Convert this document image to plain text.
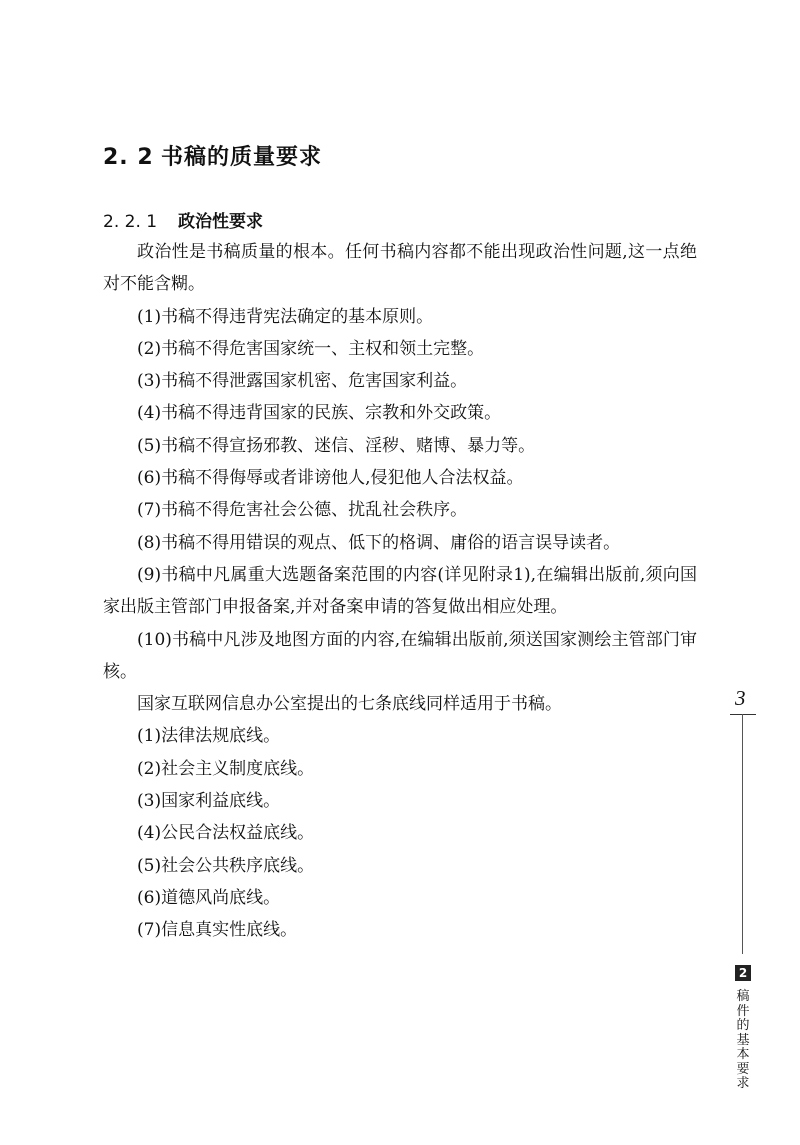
2. 2 书稿的质量要求
2. 2. 1 政治性要求

政治性是书稿质量的根本。任何书稿内容都不能出现政治性问题,这一点绝对不能含糊。

(1)书稿不得违背宪法确定的基本原则。

(2)书稿不得危害国家统一、主权和领土完整。

(3)书稿不得泄露国家机密、危害国家利益。

(4)书稿不得违背国家的民族、宗教和外交政策。

(5)书稿不得宣扬邪教、迷信、淫秽、赌博、暴力等。

(6)书稿不得侮辱或者诽谤他人,侵犯他人合法权益。

(7)书稿不得危害社会公德、扰乱社会秩序。

(8)书稿不得用错误的观点、低下的格调、庸俗的语言误导读者。

(9)书稿中凡属重大选题备案范围的内容(详见附录1),在编辑出版前,须向国家出版主管部门申报备案,并对备案申请的答复做出相应处理。

(10)书稿中凡涉及地图方面的内容,在编辑出版前,须送国家测绘主管部门审核。

国家互联网信息办公室提出的七条底线同样适用于书稿。

(1)法律法规底线。

(2)社会主义制度底线。

(3)国家利益底线。

(4)公民合法权益底线。

(5)社会公共秩序底线。

(6)道德风尚底线。

(7)信息真实性底线。

3
2
稿件的基本要求
